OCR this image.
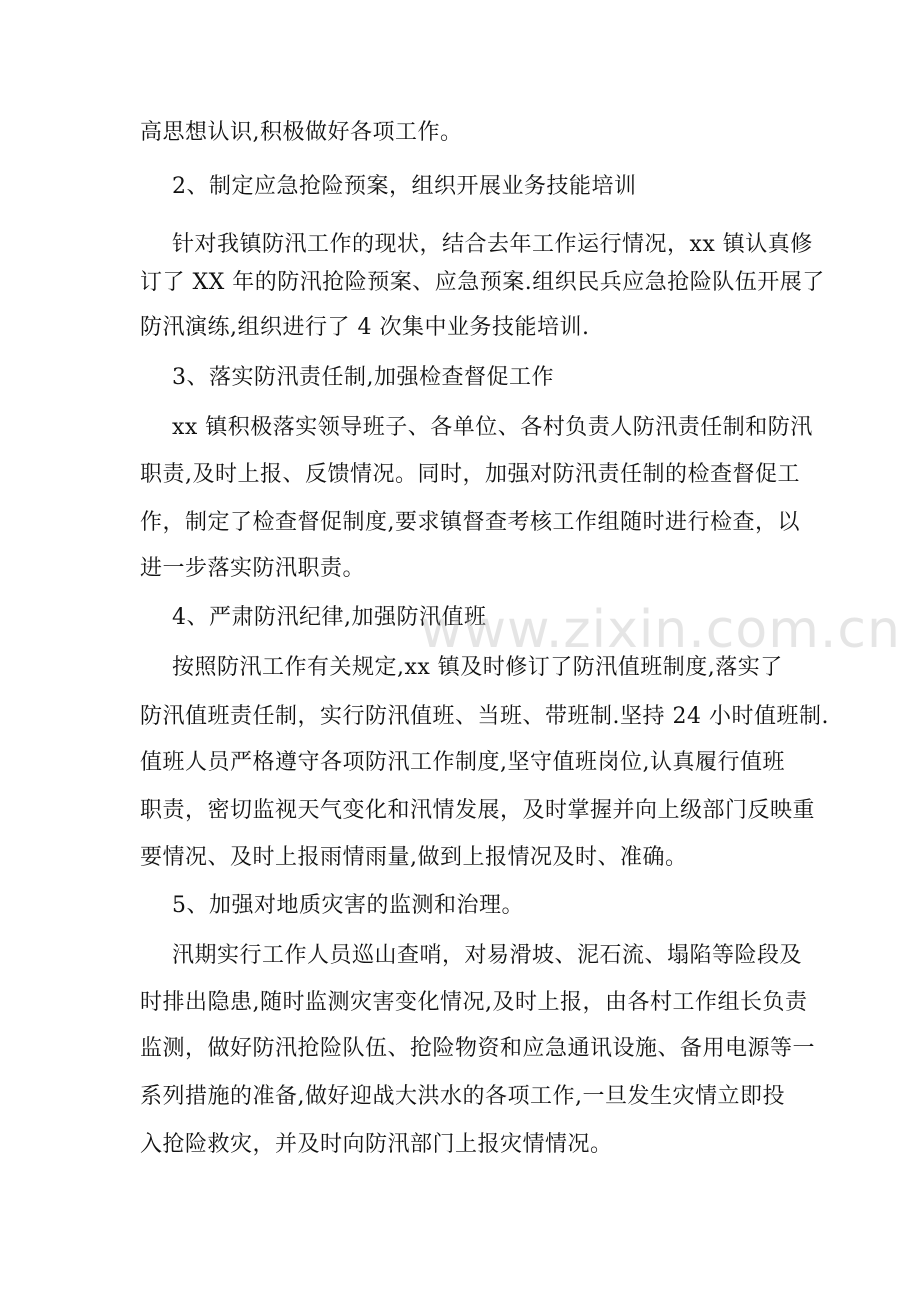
高思想认识,积极做好各项工作。
2、制定应急抢险预案，组织开展业务技能培训
针对我镇防汛工作的现状，结合去年工作运行情况，xx 镇认真修
订了 XX 年的防汛抢险预案、应急预案.组织民兵应急抢险队伍开展了
防汛演练,组织进行了 4 次集中业务技能培训.
3、落实防汛责任制,加强检查督促工作
xx 镇积极落实领导班子、各单位、各村负责人防汛责任制和防汛
职责,及时上报、反馈情况。同时，加强对防汛责任制的检查督促工
作，制定了检查督促制度,要求镇督查考核工作组随时进行检查，以
进一步落实防汛职责。
4、严肃防汛纪律,加强防汛值班
按照防汛工作有关规定,xx 镇及时修订了防汛值班制度,落实了
防汛值班责任制，实行防汛值班、当班、带班制.坚持 24 小时值班制.
值班人员严格遵守各项防汛工作制度,坚守值班岗位,认真履行值班
职责，密切监视天气变化和汛情发展，及时掌握并向上级部门反映重
要情况、及时上报雨情雨量,做到上报情况及时、准确。
5、加强对地质灾害的监测和治理。
汛期实行工作人员巡山查哨，对易滑坡、泥石流、塌陷等险段及
时排出隐患,随时监测灾害变化情况,及时上报，由各村工作组长负责
监测，做好防汛抢险队伍、抢险物资和应急通讯设施、备用电源等一
系列措施的准备,做好迎战大洪水的各项工作,一旦发生灾情立即投
入抢险救灾，并及时向防汛部门上报灾情情况。
www.zixin.com.cn
